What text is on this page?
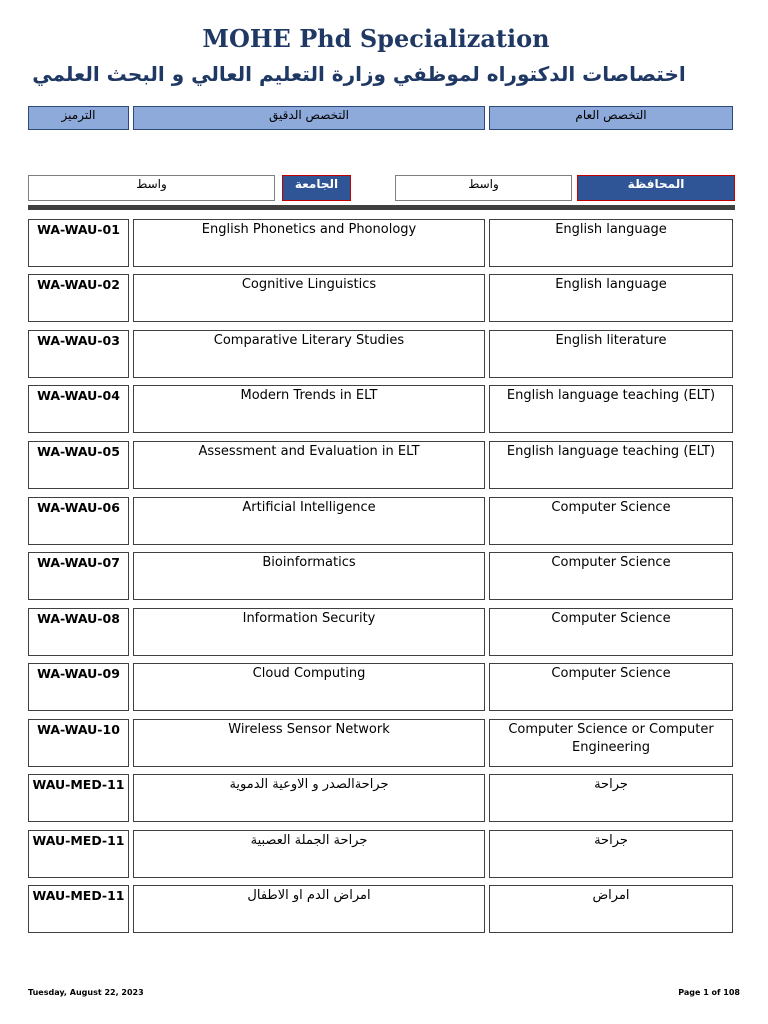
MOHE Phd Specialization
اختصاصات الدكتوراه لموظفي وزارة التعليم العالي و البحث العلمي
الترميز	التخصص الدقيق	التخصص العام
واسط	الجامعة	واسط	المحافظة
WA-WAU-01	English Phonetics and Phonology	English language
WA-WAU-02	Cognitive Linguistics	English language
WA-WAU-03	Comparative Literary Studies	English literature
WA-WAU-04	Modern Trends in ELT	English language teaching (ELT)
WA-WAU-05	Assessment and Evaluation in ELT	English language teaching (ELT)
WA-WAU-06	Artificial Intelligence	Computer Science
WA-WAU-07	Bioinformatics	Computer Science
WA-WAU-08	Information Security	Computer Science
WA-WAU-09	Cloud Computing	Computer Science
WA-WAU-10	Wireless Sensor Network	Computer Science or Computer Engineering
WAU-MED-11	جراحةالصدر و الاوعية الدموية	جراحة
WAU-MED-11	جراحة الجملة العصبية	جراحة
WAU-MED-11	امراض الدم او الاطفال	امراض
Tuesday, August 22, 2023	Page 1 of 108
